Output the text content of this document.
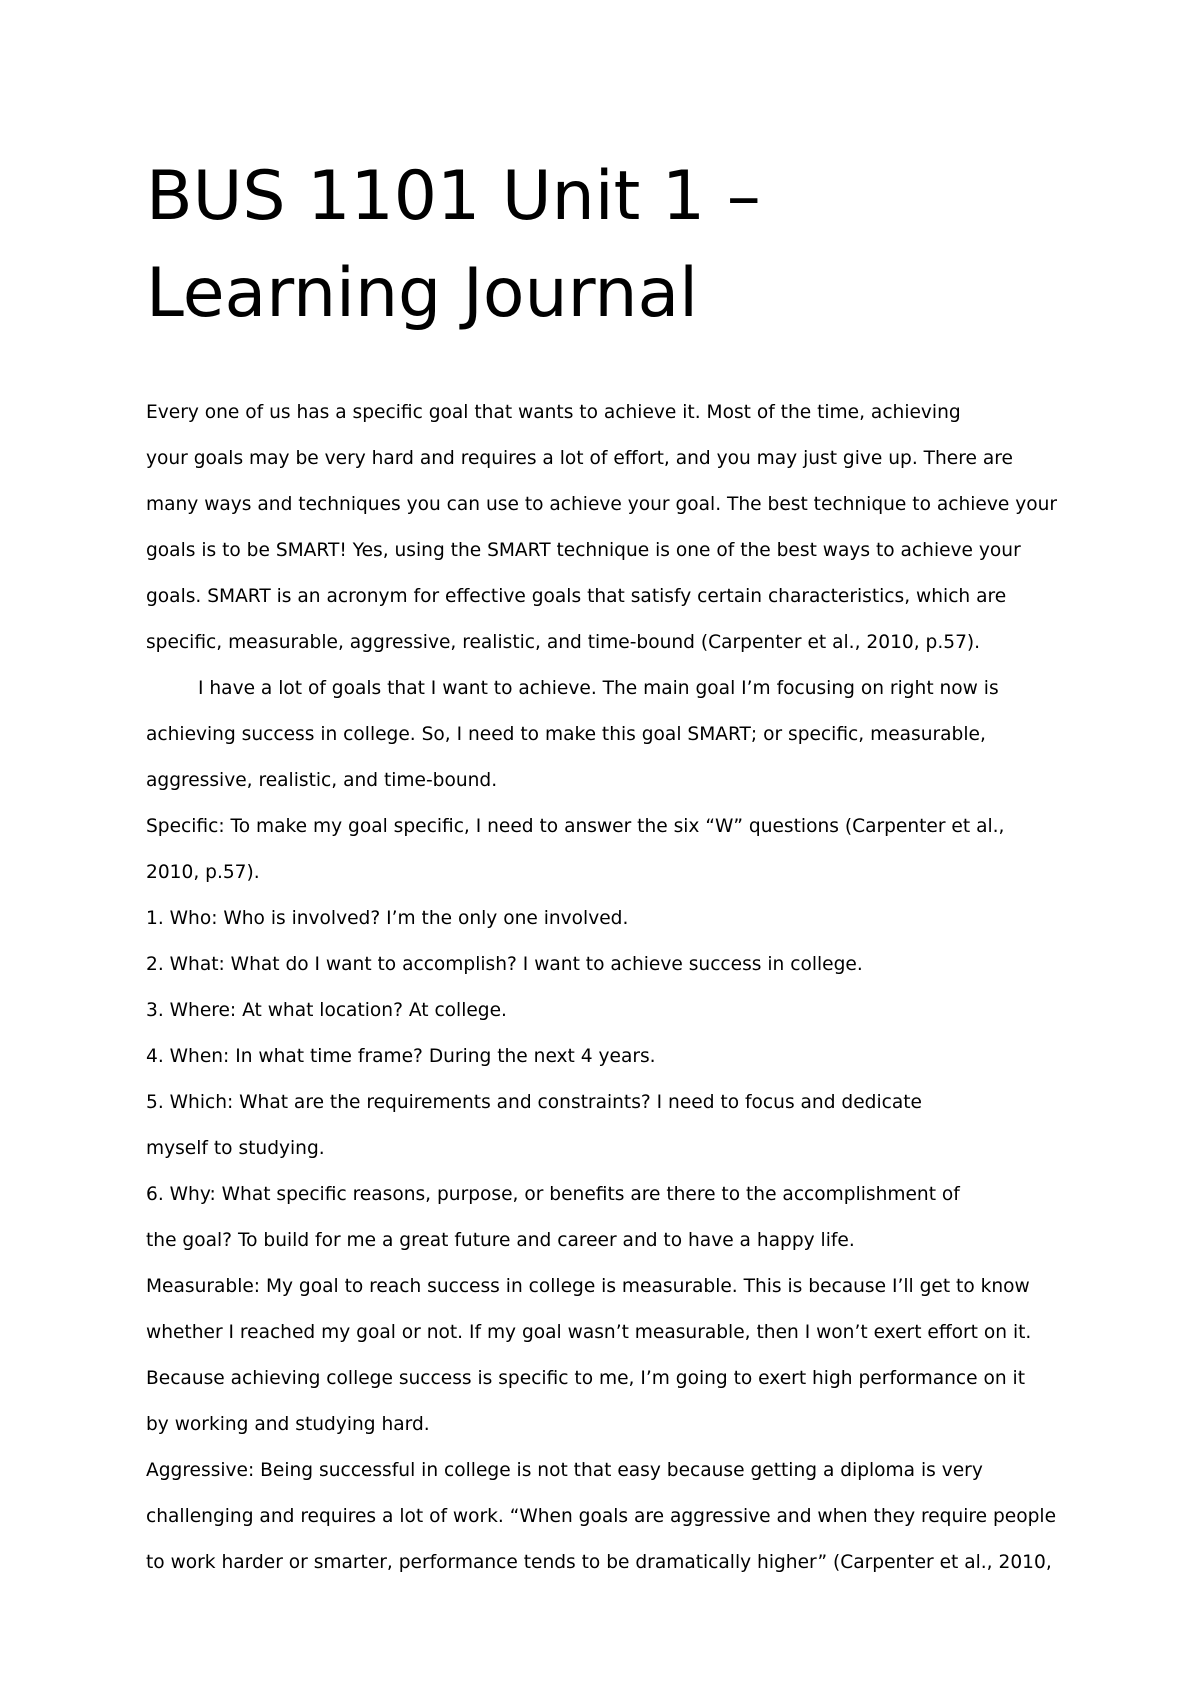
BUS 1101 Unit 1 –
Learning Journal
Every one of us has a specific goal that wants to achieve it. Most of the time, achieving
your goals may be very hard and requires a lot of effort, and you may just give up. There are
many ways and techniques you can use to achieve your goal. The best technique to achieve your
goals is to be SMART! Yes, using the SMART technique is one of the best ways to achieve your
goals. SMART is an acronym for effective goals that satisfy certain characteristics, which are
specific, measurable, aggressive, realistic, and time-bound (Carpenter et al., 2010, p.57).
I have a lot of goals that I want to achieve. The main goal I’m focusing on right now is
achieving success in college. So, I need to make this goal SMART; or specific, measurable,
aggressive, realistic, and time-bound.
Specific: To make my goal specific, I need to answer the six “W” questions (Carpenter et al.,
2010, p.57).
1. Who: Who is involved? I’m the only one involved.
2. What: What do I want to accomplish? I want to achieve success in college.
3. Where: At what location? At college.
4. When: In what time frame? During the next 4 years.
5. Which: What are the requirements and constraints? I need to focus and dedicate
myself to studying.
6. Why: What specific reasons, purpose, or benefits are there to the accomplishment of
the goal? To build for me a great future and career and to have a happy life.
Measurable: My goal to reach success in college is measurable. This is because I’ll get to know
whether I reached my goal or not. If my goal wasn’t measurable, then I won’t exert effort on it.
Because achieving college success is specific to me, I’m going to exert high performance on it
by working and studying hard.
Aggressive: Being successful in college is not that easy because getting a diploma is very
challenging and requires a lot of work. “When goals are aggressive and when they require people
to work harder or smarter, performance tends to be dramatically higher” (Carpenter et al., 2010,
